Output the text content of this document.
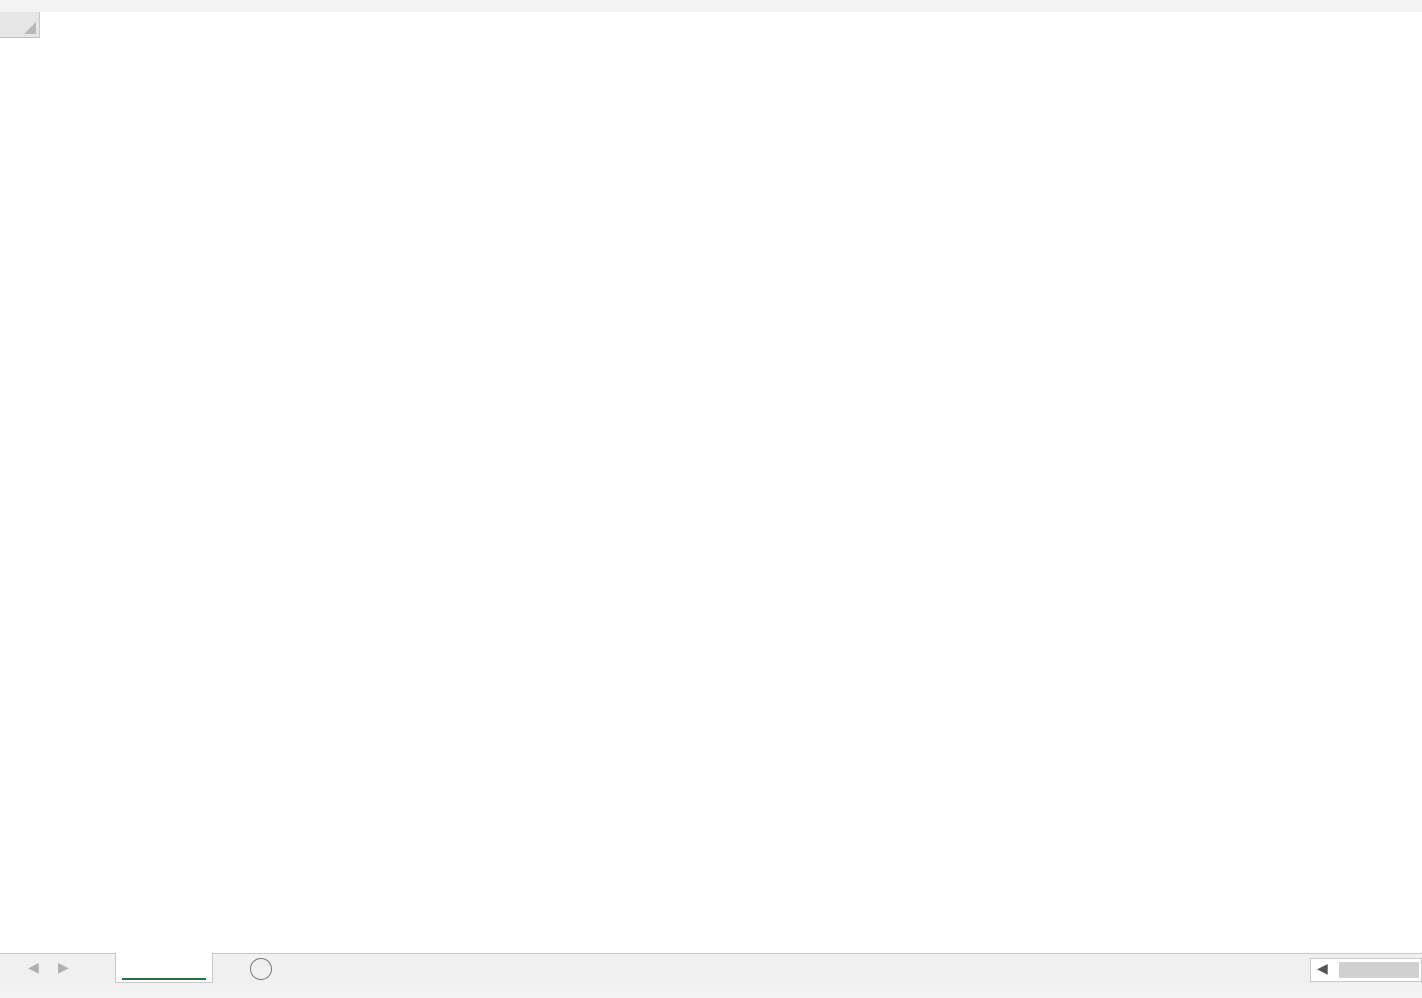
◀ ▶	◀
